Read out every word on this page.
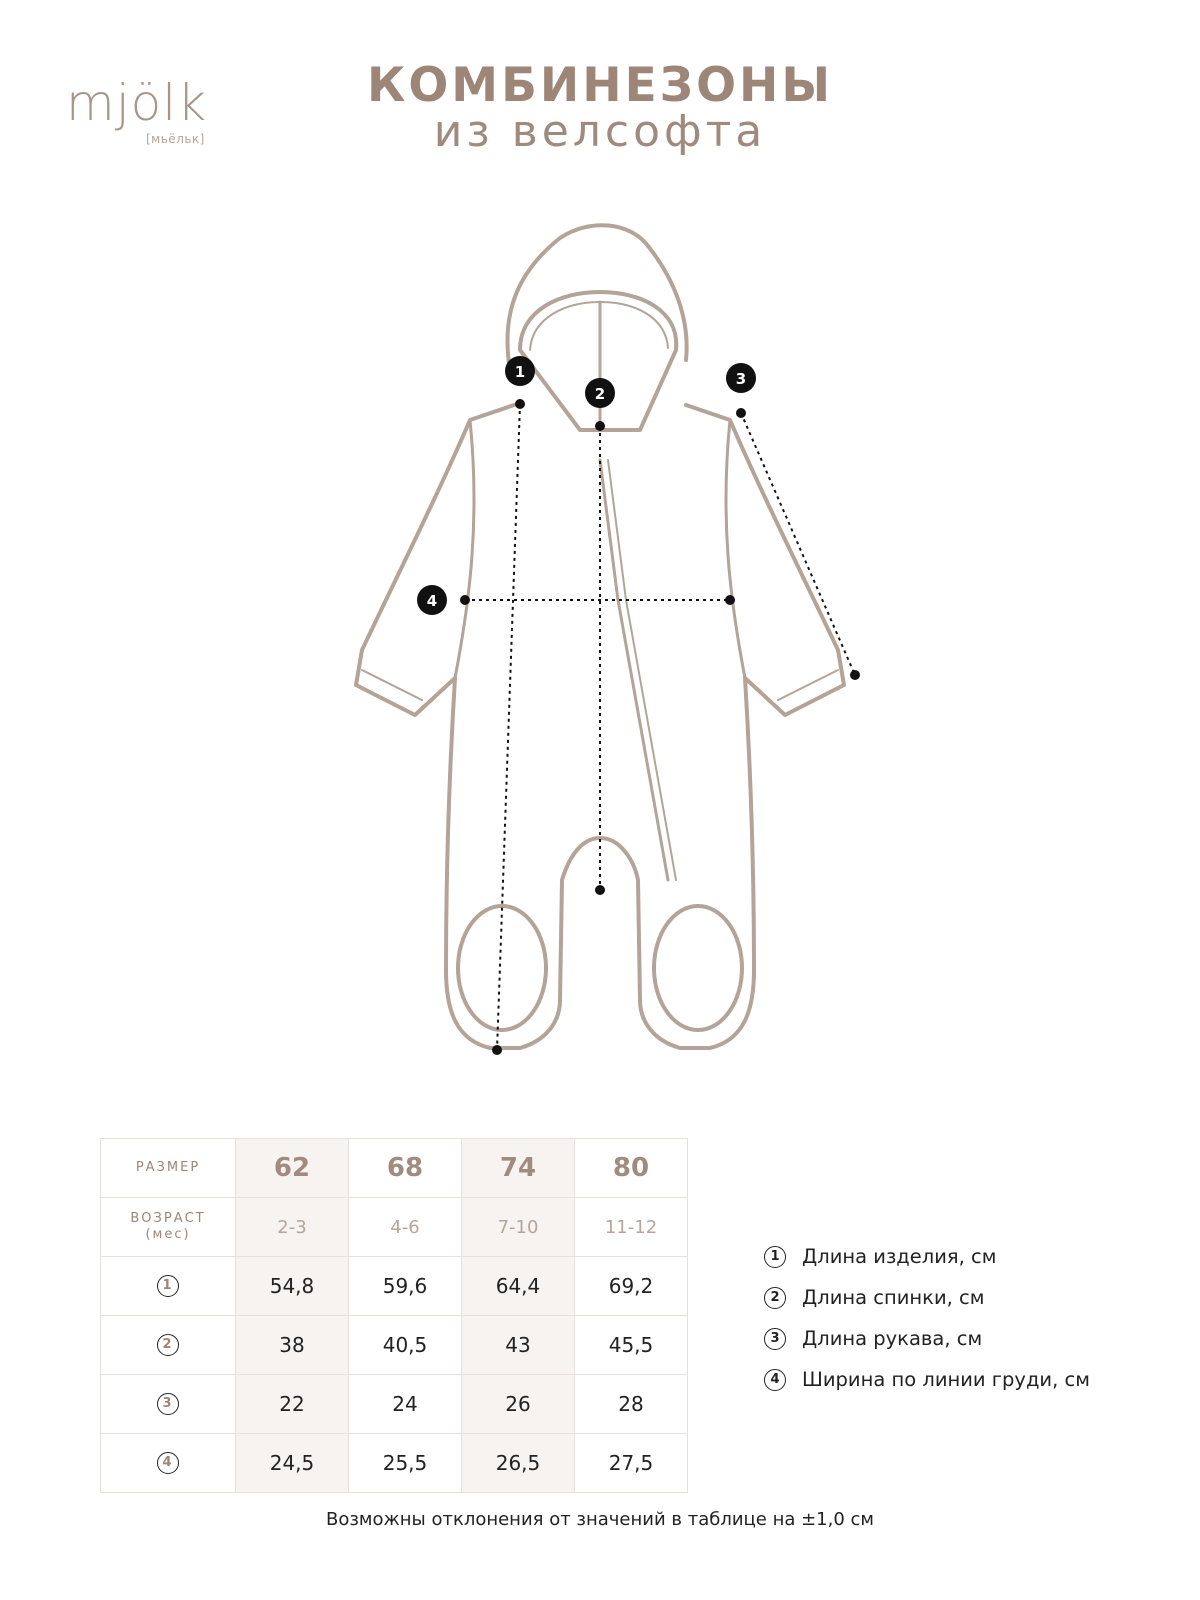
mjölk
[мьёльк]
КОМБИНЕЗОНЫ
из велсофта
1
2
3
4
РАЗМЕР	62	68	74	80

ВОЗРАСТ
(мес)	2-3	4-6	7-10	11-12
1	54,8	59,6	64,4	69,2
2	38	40,5	43	45,5
3	22	24	26	28
4	24,5	25,5	26,5	27,5
1	Длина изделия, см
2	Длина спинки, см
3	Длина рукава, см
4	Ширина по линии груди, см
Возможны отклонения от значений в таблице на ±1,0 см
